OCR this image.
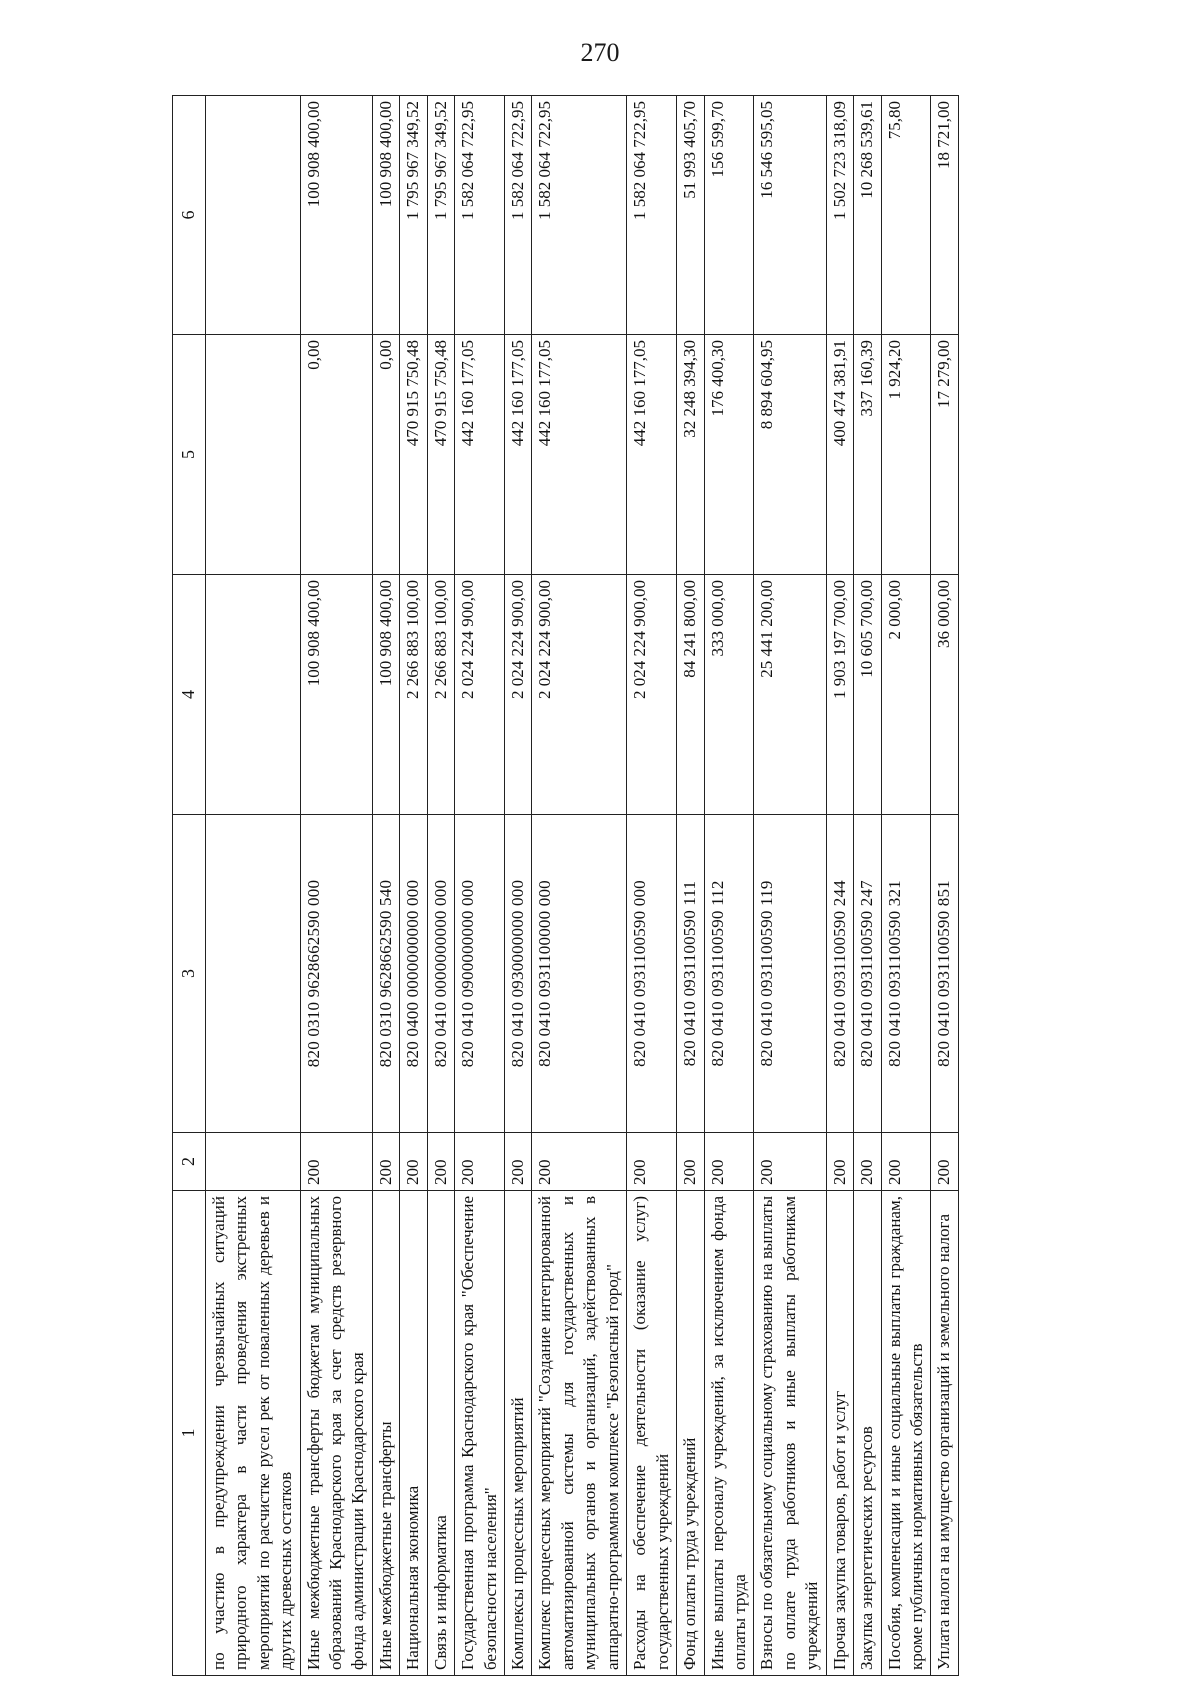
270
1	2	3	4	5	6
по участию в предупреждении чрезвычайных ситуаций природного характера в части проведения экстренных мероприятий по расчистке русел рек от поваленных деревьев и других древесных остатков					
Иные межбюджетные трансферты бюджетам муниципальных образований Краснодарского края за счет средств резервного фонда администрации Краснодарского края	200	820 0310 9628662590 000	100 908 400,00	0,00	100 908 400,00
Иные межбюджетные трансферты	200	820 0310 9628662590 540	100 908 400,00	0,00	100 908 400,00
Национальная экономика	200	820 0400 0000000000 000	2 266 883 100,00	470 915 750,48	1 795 967 349,52
Связь и информатика	200	820 0410 0000000000 000	2 266 883 100,00	470 915 750,48	1 795 967 349,52
Государственная программа Краснодарского края "Обеспечение безопасности населения"	200	820 0410 0900000000 000	2 024 224 900,00	442 160 177,05	1 582 064 722,95
Комплексы процессных мероприятий	200	820 0410 0930000000 000	2 024 224 900,00	442 160 177,05	1 582 064 722,95
Комплекс процессных мероприятий "Создание интегрированной автоматизированной системы для государственных и муниципальных органов и организаций, задействованных в аппаратно-программном комплексе "Безопасный город"	200	820 0410 0931100000 000	2 024 224 900,00	442 160 177,05	1 582 064 722,95
Расходы на обеспечение деятельности (оказание услуг) государственных учреждений	200	820 0410 0931100590 000	2 024 224 900,00	442 160 177,05	1 582 064 722,95
Фонд оплаты труда учреждений	200	820 0410 0931100590 111	84 241 800,00	32 248 394,30	51 993 405,70
Иные выплаты персоналу учреждений, за исключением фонда оплаты труда	200	820 0410 0931100590 112	333 000,00	176 400,30	156 599,70
Взносы по обязательному социальному страхованию на выплаты по оплате труда работников и иные выплаты работникам учреждений	200	820 0410 0931100590 119	25 441 200,00	8 894 604,95	16 546 595,05
Прочая закупка товаров, работ и услуг	200	820 0410 0931100590 244	1 903 197 700,00	400 474 381,91	1 502 723 318,09
Закупка энергетических ресурсов	200	820 0410 0931100590 247	10 605 700,00	337 160,39	10 268 539,61
Пособия, компенсации и иные социальные выплаты гражданам, кроме публичных нормативных обязательств	200	820 0410 0931100590 321	2 000,00	1 924,20	75,80
Уплата налога на имущество организаций и земельного налога	200	820 0410 0931100590 851	36 000,00	17 279,00	18 721,00
